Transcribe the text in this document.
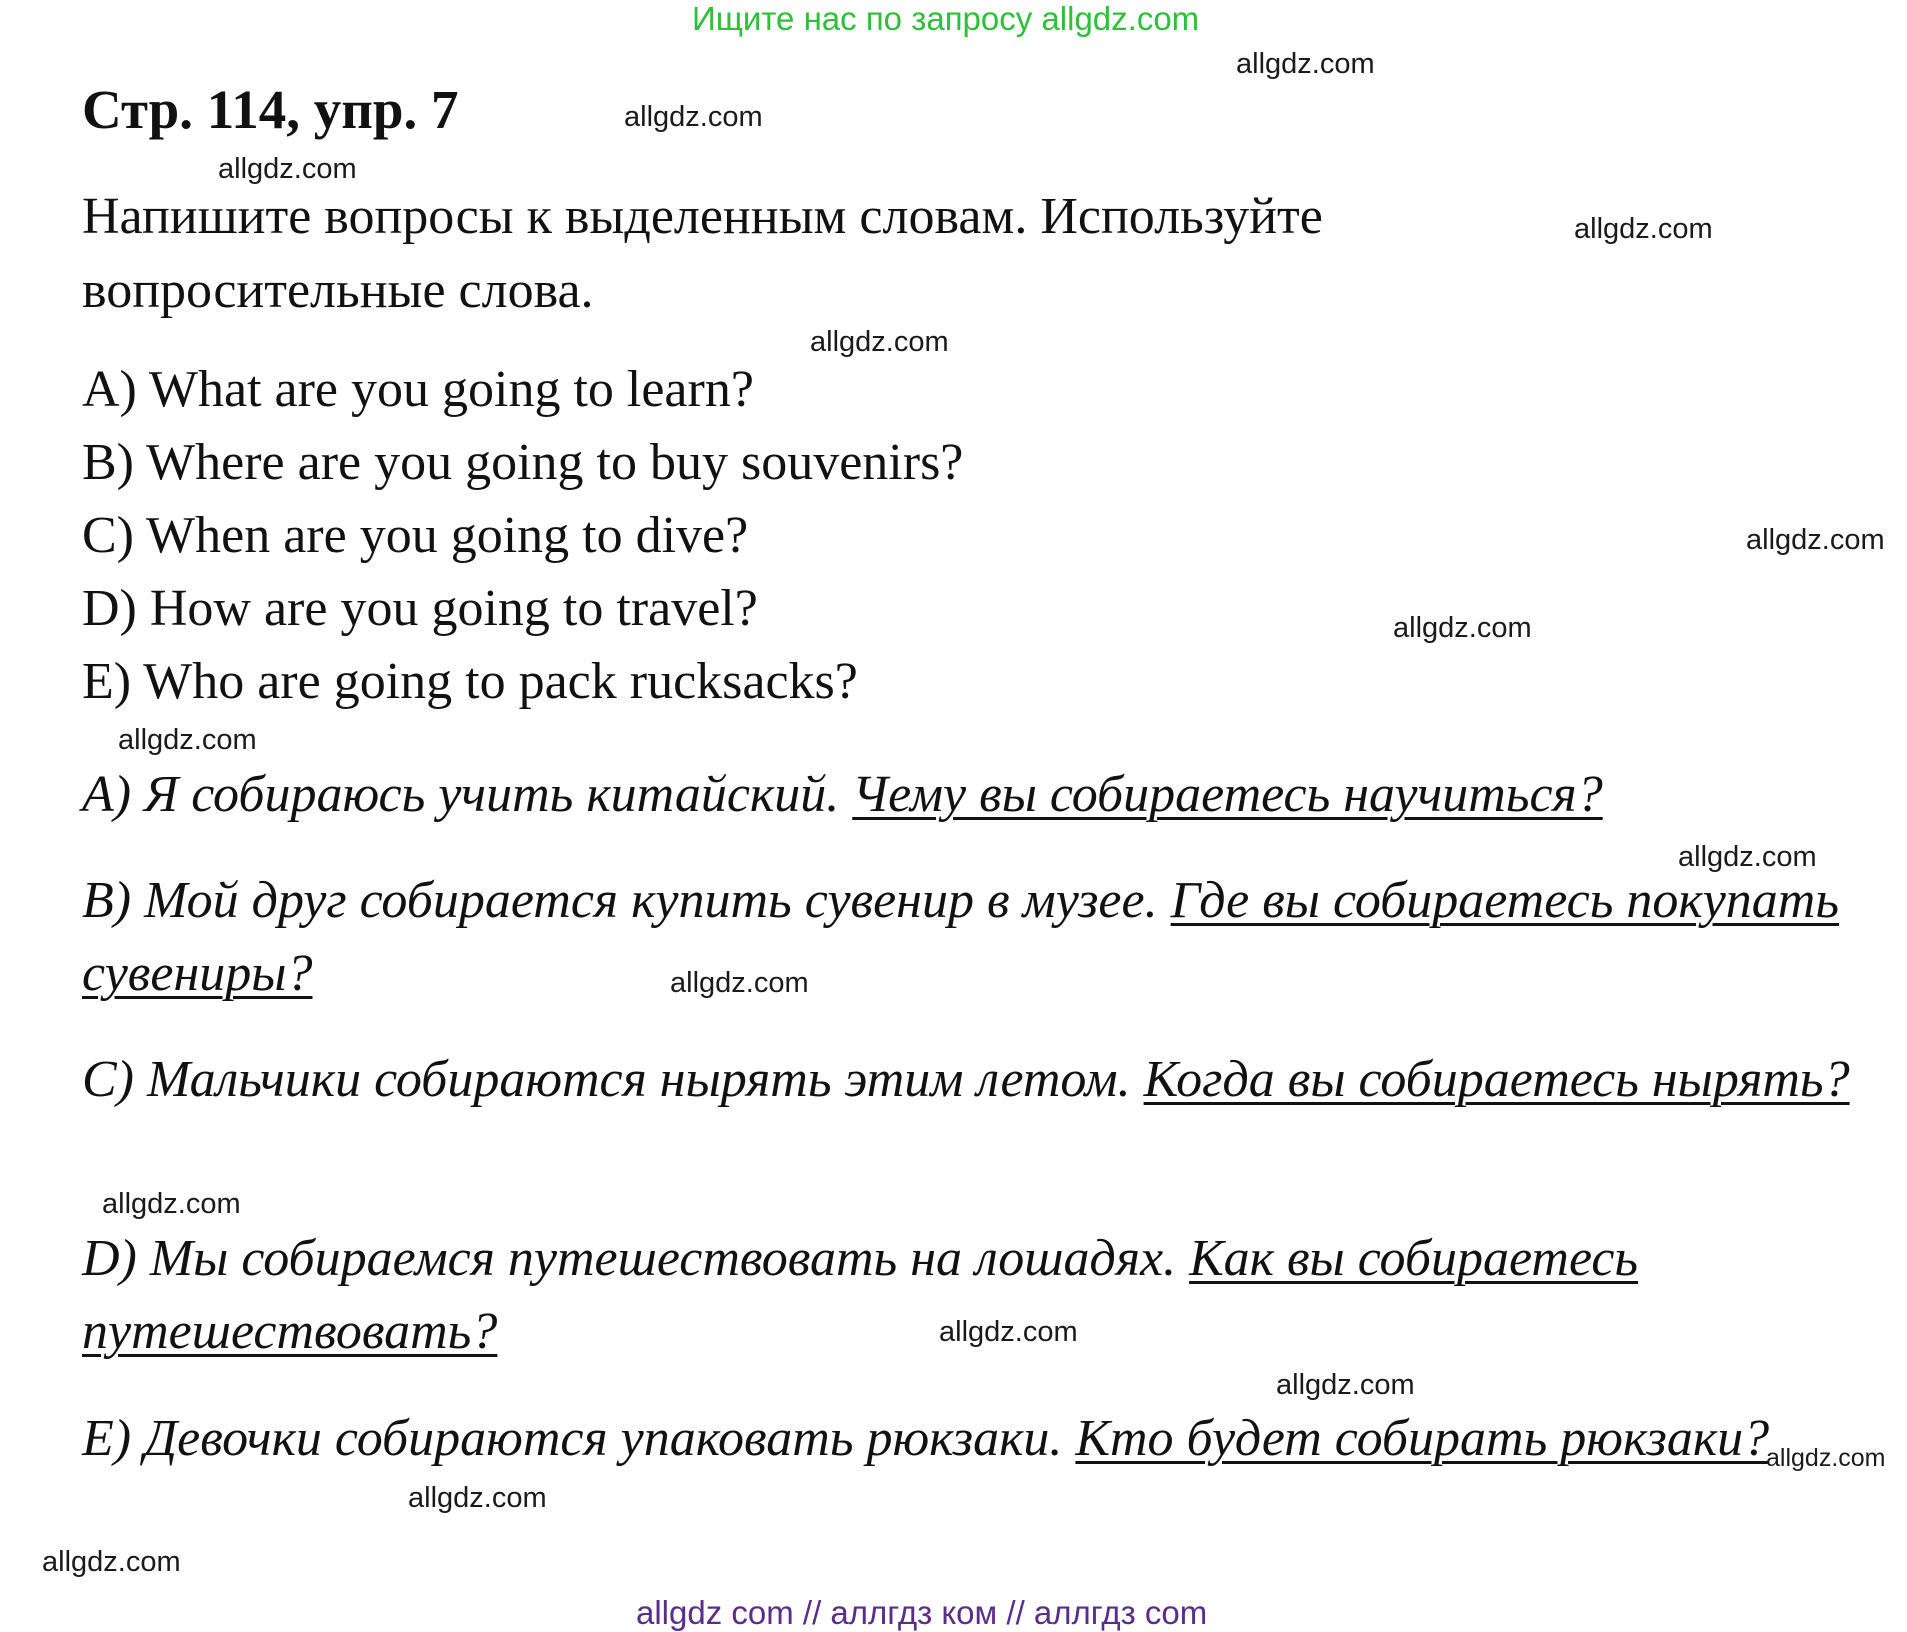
Ищите нас по запросу allgdz.com
Стр. 114, упр. 7
Напишите вопросы к выделенным словам. Используйте вопросительные слова.
A) What are you going to learn?
B) Where are you going to buy souvenirs?
C) When are you going to dive?
D) How are you going to travel?
E) Who are going to pack rucksacks?
A) Я собираюсь учить китайский. Чему вы собираетесь научиться?
B) Мой друг собирается купить сувенир в музее. Где вы собираетесь покупать сувениры?
C) Мальчики собираются нырять этим летом. Когда вы собираетесь нырять?
D) Мы собираемся путешествовать на лошадях. Как вы собираетесь путешествовать?
E) Девочки собираются упаковать рюкзаки. Кто будет собирать рюкзаки?
allgdz.com
allgdz.com
allgdz.com
allgdz.com
allgdz.com
allgdz.com
allgdz.com
allgdz.com
allgdz.com
allgdz.com
allgdz.com
allgdz.com
allgdz.com
allgdz.com
allgdz.com
allgdz.com
allgdz com // аллгдз ком // аллгдз com
